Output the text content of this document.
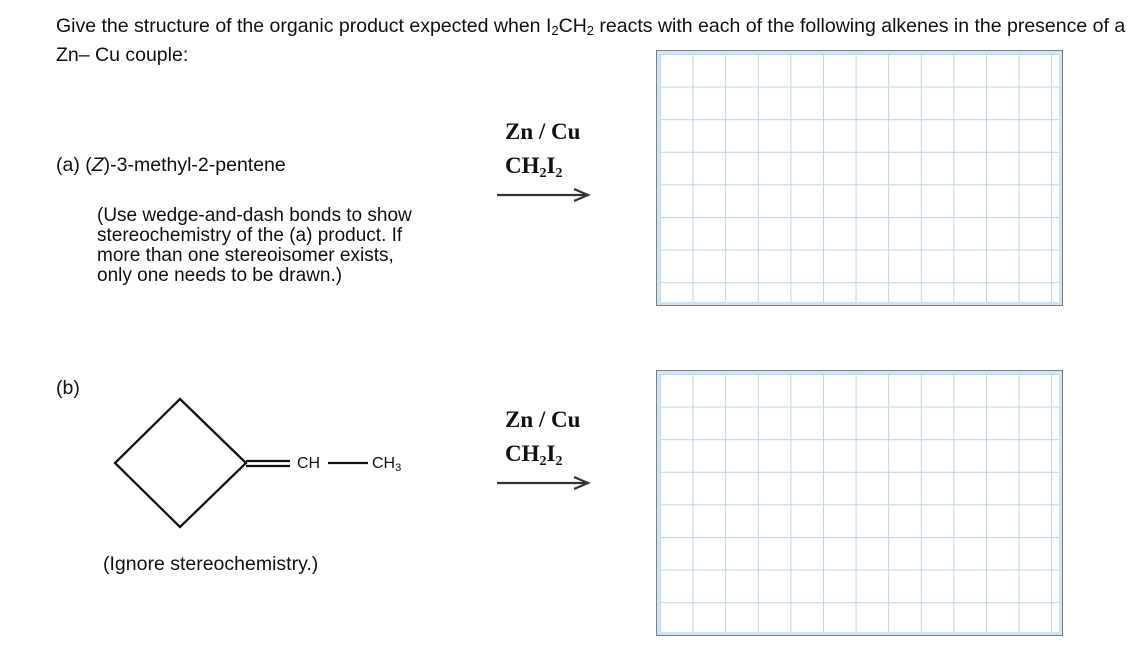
Give the structure of the organic product expected when $I_2CH_2$ reacts with each of the following alkenes in the presence of a Zn– Cu couple:
(a) (Z)-3-methyl-2-pentene
(Use wedge-and-dash bonds to show
stereochemistry of the (a) product. If
more than one stereoisomer exists,
only one needs to be drawn.)
Zn / Cu
$CH_2I_2$
(b)
CH	$CH_3$
(Ignore stereochemistry.)
Zn / Cu
$CH_2I_2$
